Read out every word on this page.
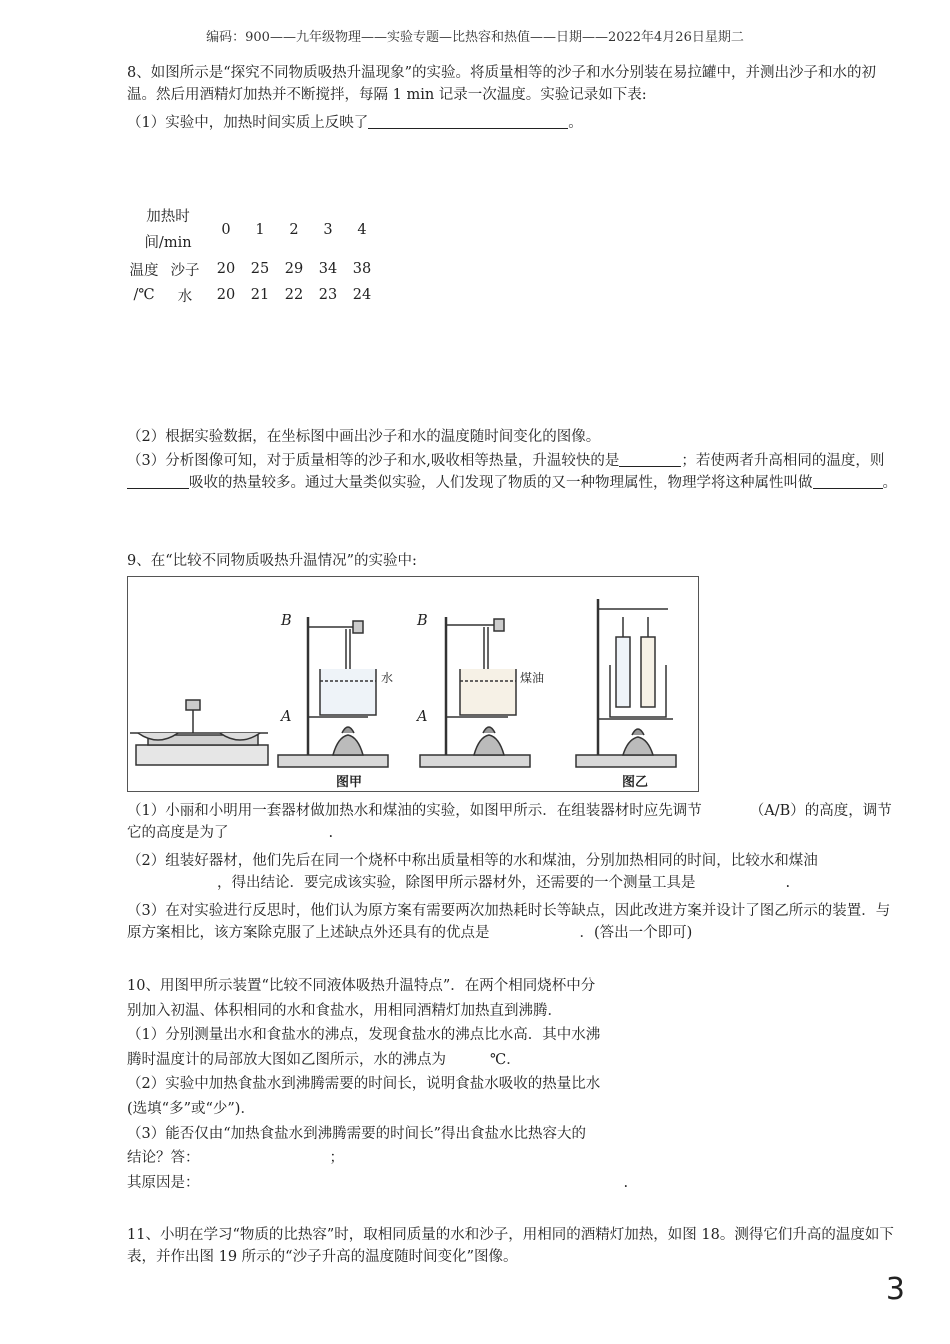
编码：900——九年级物理——实验专题—比热容和热值——日期——2022年4月26日星期二
8、如图所示是“探究不同物质吸热升温现象”的实验。将质量相等的沙子和水分别装在易拉罐中，并测出沙子和水的初温。然后用酒精灯加热并不断搅拌，每隔 1 min 记录一次温度。实验记录如下表:
（1）实验中，加热时间实质上反映了	。
加热时
间/min		0	1	2	3	4
温度	沙子	20	25	29	34	38
/℃	水	20	21	22	23	24
（2）根据实验数据，在坐标图中画出沙子和水的温度随时间变化的图像。
（3）分析图像可知，对于质量相等的沙子和水,吸收相等热量，升温较快的是	；若使两者升高相同的温度，则吸收的热量较多。通过大量类似实验，人们发现了物质的又一种物理属性，物理学将这种属性叫做	。
9、在“比较不同物质吸热升温情况”的实验中:
B
A
水
B
A
煤油
图甲	图乙
（1）小丽和小明用一套器材做加热水和煤油的实验，如图甲所示．在组装器材时应先调节	（A/B）的高度，调节它的高度是为了	.
（2）组装好器材，他们先后在同一个烧杯中称出质量相等的水和煤油，分别加热相同的时间，比较水和煤油，得出结论．要完成该实验，除图甲所示器材外，还需要的一个测量工具是	.
（3）在对实验进行反思时，他们认为原方案有需要两次加热耗时长等缺点，因此改进方案并设计了图乙所示的装置．与原方案相比，该方案除克服了上述缺点外还具有的优点是	．(答出一个即可)
10、用图甲所示装置“比较不同液体吸热升温特点”．在两个相同烧杯中分
别加入初温、体积相同的水和食盐水，用相同酒精灯加热直到沸腾．
（1）分别测量出水和食盐水的沸点，发现食盐水的沸点比水高．其中水沸
腾时温度计的局部放大图如乙图所示，水的沸点为	℃．
（2）实验中加热食盐水到沸腾需要的时间长，说明食盐水吸收的热量比水
(选填“多”或“少”)．
（3）能否仅由“加热食盐水到沸腾需要的时间长”得出食盐水比热容大的
结论？答：	；
其原因是：	.
11、小明在学习“物质的比热容”时，取相同质量的水和沙子，用相同的酒精灯加热，如图 18。测得它们升高的温度如下表，并作出图 19 所示的“沙子升高的温度随时间变化”图像。
3
